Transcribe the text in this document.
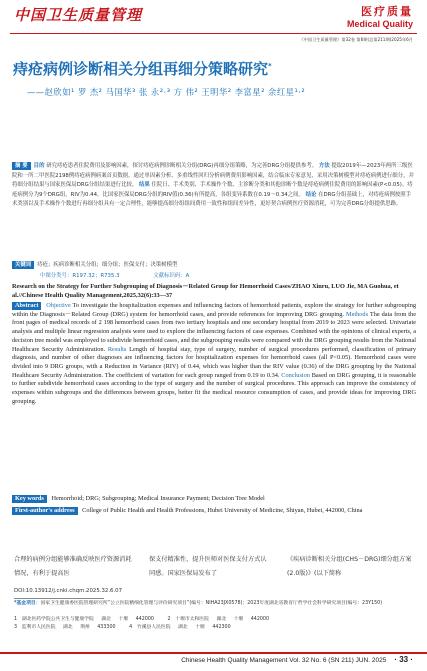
中国卫生质量管理	医疗质量
Medical Quality
《中国卫生质量管理》第32卷 第6期(总第211期)2025年6月
痔疮病例诊断相关分组再细分策略研究*
——赵欣如¹ 罗 杰² 马国华³ 张 永²·³ 方 伟² 王明华² 李富星² 余红星¹·²
摘 要 目的 研究痔疮患者住院费用及影响因素，探讨痔疮病例诊断相关分组(DRG)再细分组策略，为完善DRG分组提供参考。 方法 提取2019年—2023年两所三级医院和一所二甲医院2198例痔疮病例病案首页数据，通过单因素分析、多重线性回归分析病例费用影响因素，结合临床专家意见，采用决策树模型对痔疮病例进行细分，并将细分组结果与国家医保局DRG分组结果进行比较。 结果 住院日、手术类别、手术操作个数、主诊断分类和其他诊断个数是痔疮病例住院费用的影响因素(P<0.05)。痔疮病例分为9个DRG组，RIV为0.44，比国家医保局DRG分组的RIV值(0.36)有所提高，各组变异系数在0.19～0.34之间。 结论 在DRG分组基础上，对痔疮病例按照手术类别以及手术操作个数进行再细分组具有一定合理性，能够提高细分组组间费用一致性和组间差异性，更好契合病例医疗资源消耗，可为完善DRG分组提供思路。
关键词 痔疮；疾病诊断相关分组；细分组；医保支付；决策树模型
中图分类号：R197.32；R735.3	文献标识码：A
Research on the Strategy for Further Subgrouping of Diagnosis－Related Group for Hemorrhoid Cases/ZHAO Xinru, LUO Jie, MA Guohua, et al.//Chinese Health Quality Management,2025,32(6):33—37
Abstract Objective To investigate the hospitalization expenses and influencing factors of hemorrhoid patients, explore the strategy for further subgrouping within the Diagnosis－Related Group (DRG) system for hemorrhoid cases, and provide references for improving DRG grouping. Methods The data from the front pages of medical records of 2 198 hemorrhoid cases from two tertiary hospitals and one secondary hospital from 2019 to 2023 were selected. Univariate analysis and multiple linear regression analysis were used to explore the influencing factors of case expenses. Combined with the opinions of clinical experts, a decision tree model was employed to subdivide hemorrhoid cases, and the subgrouping results were compared with the DRG grouping results from the National Healthcare Security Administration. Results Length of hospital stay, type of surgery, number of surgical procedures performed, classification of primary diagnosis, and number of other diagnoses are influencing factors for hospitalization expenses for hemorrhoid cases (all P<0.05). Hemorrhoid cases were divided into 9 DRG groups, with a Reduction in Variance (RIV) of 0.44, which was higher than the RIV value (0.36) of the DRG grouping by the National Healthcare Security Administration. The coefficient of variation for each group ranged from 0.19 to 0.34. Conclusion Based on DRG grouping, it is reasonable to further subdivide hemorrhoid cases according to the type of surgery and the number of surgical procedures. This approach can improve the consistency of expenses within subgroups and the differences between groups, better fit the medical resource consumption of cases, and provide ideas for improving DRG grouping.
Key words Hemorrhoid; DRG; Subgrouping; Medical Insurance Payment; Decision Tree Model
First-author's address College of Public Health and Health Professions, Hubei University of Medicine, Shiyan, Hubei, 442000, China
合理的病例分组能够准确反映医疗资源消耗情况，有利于提高医
保支付精准性，提升医师对医保支付方式认同感。国家医保局发布了
《疾病诊断相关分组(CHS－DRG)细分组方案(2.0版)》(以下简称
DOI:10.13912/j.cnki.chqm.2025.32.6.07
*基金项目：国家卫生健康委医院管理研究所“公立医院精细化管理与评价研究项目”(编号：NIHA23JX0578)；2023年度湖北省教育厅哲学社会科学研究项目(编号：23Y150)
1　湖北医药学院公共卫生与健康学院 湖北 十堰 442000	2　十堰市太和医院 湖北 十堰 442000
3　监利市人民医院 湖北 荆州 433300	4　竹溪县人民医院 湖北 十堰 442300
Chinese Health Quality Management Vol. 32 No. 6 (SN 211) JUN. 2025 · 33 ·
